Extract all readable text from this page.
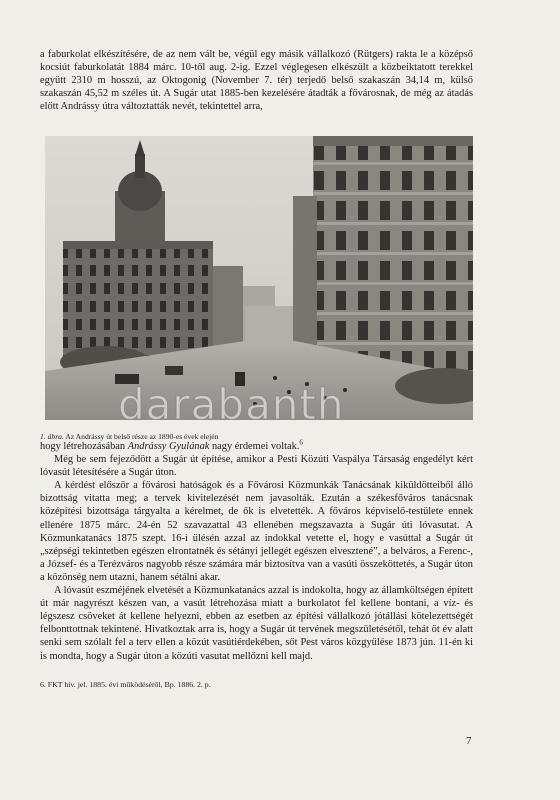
a faburkolat elkészítésére, de az nem vált be, végül egy másik vállalkozó (Rütgers) rakta le a középső kocsiút faburkolatát 1884 márc. 10-től aug. 2-ig. Ezzel véglegesen elkészült a közbeiktatott terekkel együtt 2310 m hosszú, az Oktogonig (November 7. tér) terjedő belső szakaszán 34,14 m, külső szakaszán 45,52 m széles út. A Sugár utat 1885-ben kezelésére átadták a fővárosnak, de még az átadás előtt Andrássy útra változtatták nevét, tekintettel arra,

darabanth
1. ábra. Az Andrássy út belső része az 1890-es évek elején

hogy létrehozásában Andrássy Gyulának nagy érdemei voltak.$^6$

Még be sem fejeződött a Sugár út építése, amikor a Pesti Közúti Vaspálya Társaság engedélyt kért lóvasút létesítésére a Sugár úton.

A kérdést először a fővárosi hatóságok és a Fővárosi Közmunkák Tanácsának kiküldötteiből álló bizottság vitatta meg; a tervek kivitelezését nem javasolták. Ezután a székesfőváros tanácsnak középítési bizottsága tárgyalta a kérelmet, de ők is elvetették. A főváros képviselő-testülete ennek ellenére 1875 márc. 24-én 52 szavazattal 43 ellenében megszavazta a Sugár úti lóvasutat. A Közmunkatanács 1875 szept. 16-i ülésén azzal az indokkal vetette el, hogy e vasúttal a Sugár út „szépségi tekintetben egészen elrontatnék és sétányi jellegét egészen elvesztené”, a belváros, a Ferenc-, a József- és a Terézváros nagyobb része számára már biztosítva van a vasúti összeköttetés, a Sugár úton a közönség nem utazni, hanem sétálni akar.

A lóvasút eszméjének elvetését a Közmunkatanács azzal is indokolta, hogy az államköltségen épített út már nagyrészt készen van, a vasút létrehozása miatt a burkolatot fel kellene bontani, a víz- és légszesz csöveket át kellene helyezni, ebben az esetben az építési vállalkozó jótállási kötelezettségét felbonttottnak tekintené. Hivatkoztak arra is, hogy a Sugár út tervének megszületésétől, tehát öt év alatt senki sem szólalt fel a terv ellen a közút vasútiérdekében, sőt Pest város közgyűlése 1873 jún. 11-én ki is mondta, hogy a Sugár úton a közúti vasutat mellőzni kell majd.

6. FKT hiv. jel. 1885. évi működéséről, Bp. 1886. 2. p.
7
